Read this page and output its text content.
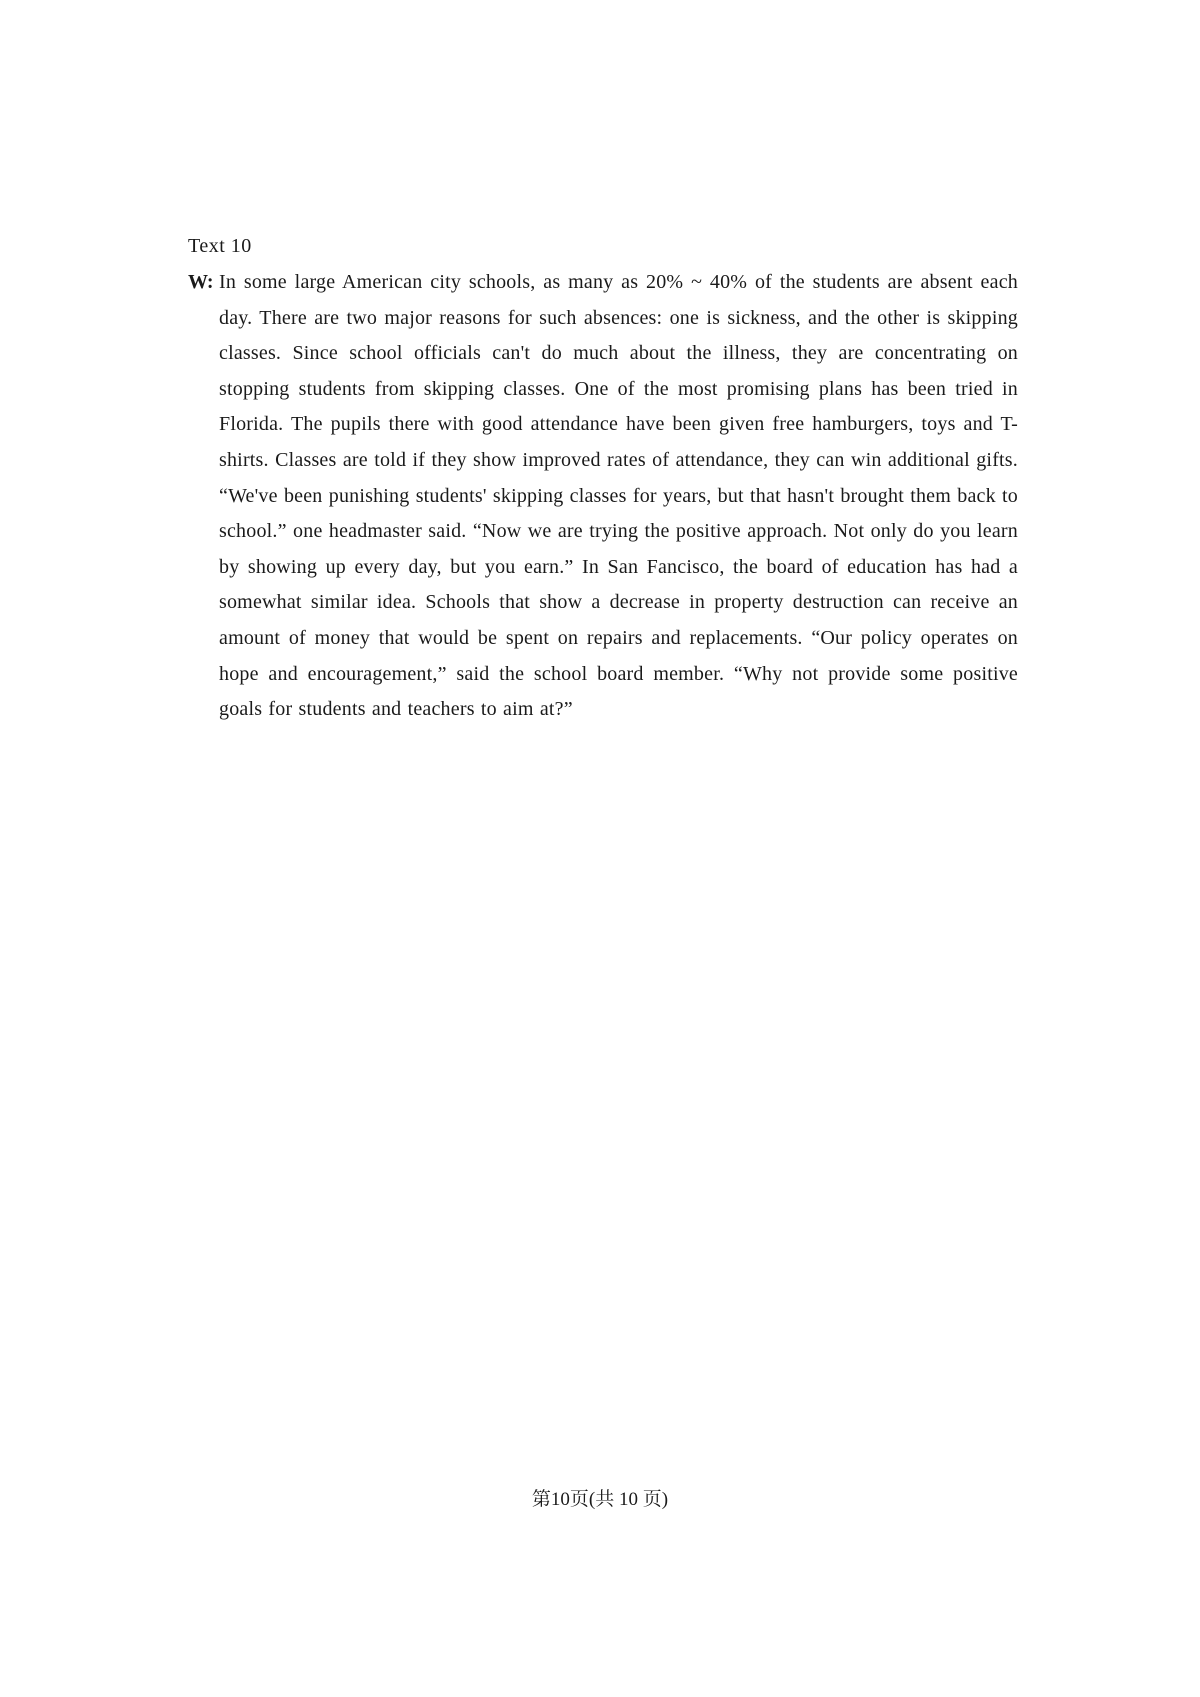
Text 10
W: In some large American city schools, as many as 20% ~ 40% of the students are absent each day. There are two major reasons for such absences: one is sickness, and the other is skipping classes. Since school officials can't do much about the illness, they are concentrating on stopping students from skipping classes. One of the most promising plans has been tried in Florida. The pupils there with good attendance have been given free hamburgers, toys and T-shirts. Classes are told if they show improved rates of attendance, they can win additional gifts. “We've been punishing students' skipping classes for years, but that hasn't brought them back to school.” one headmaster said. “Now we are trying the positive approach. Not only do you learn by showing up every day, but you earn.” In San Fancisco, the board of education has had a somewhat similar idea. Schools that show a decrease in property destruction can receive an amount of money that would be spent on repairs and replacements. “Our policy operates on hope and encouragement,” said the school board member. “Why not provide some positive goals for students and teachers to aim at?”
第10页(共 10 页)
